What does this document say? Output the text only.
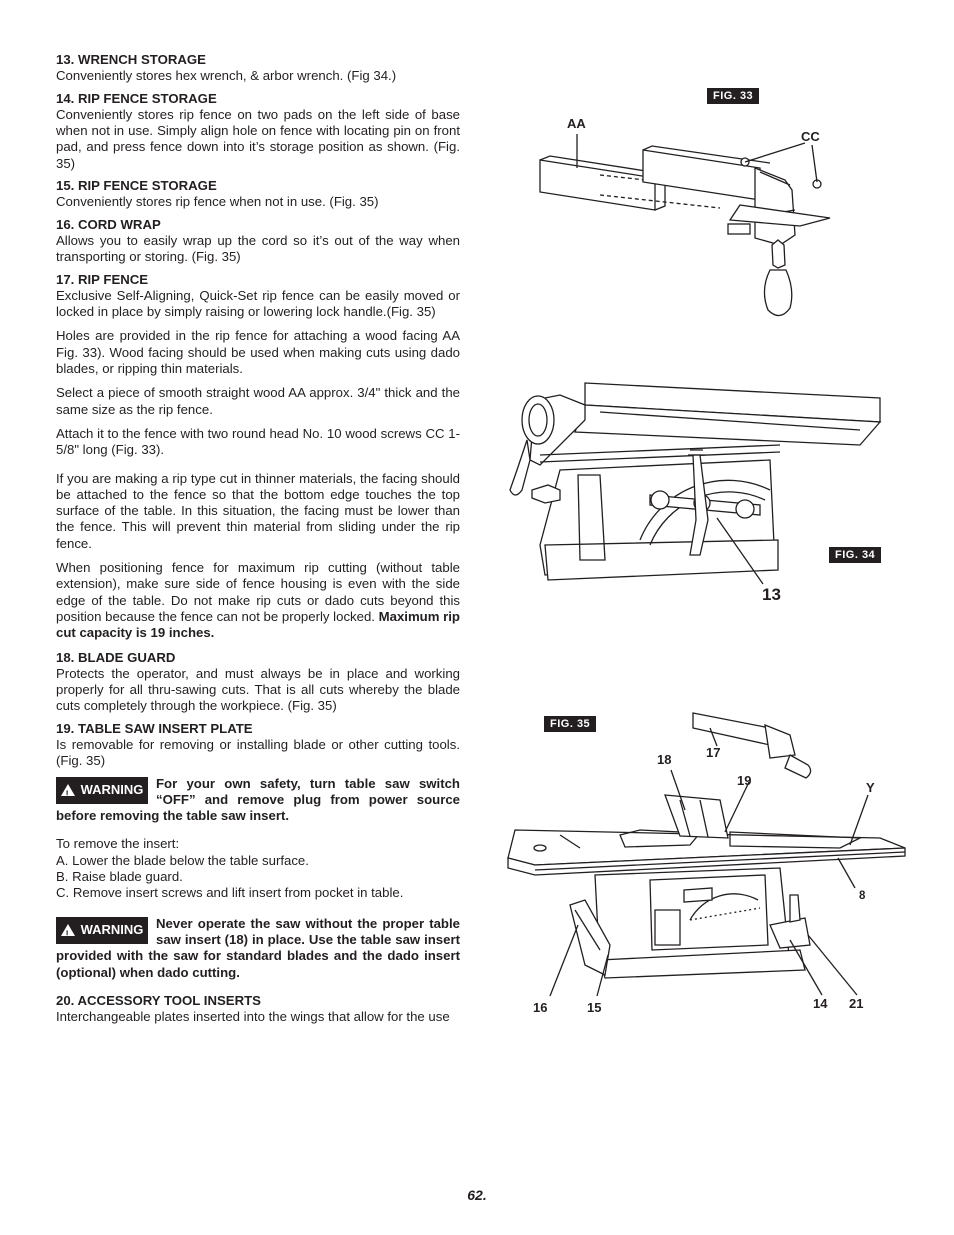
13. WRENCH STORAGE

Conveniently stores hex wrench, & arbor wrench. (Fig 34.)

14. RIP FENCE STORAGE

Conveniently stores rip fence on two pads on the left side of base when not in use. Simply align hole on fence with locating pin on front pad, and press fence down into it’s storage position as shown. (Fig. 35)

15. RIP FENCE STORAGE

Conveniently stores rip fence when not in use. (Fig. 35)

16. CORD WRAP

Allows you to easily wrap up the cord so it’s out of the way when transporting or storing. (Fig. 35)

17. RIP FENCE

Exclusive Self-Aligning, Quick-Set rip fence can be easily moved or locked in place by simply raising or lowering lock handle.(Fig. 35)

Holes are provided in the rip fence for attaching a wood facing AA Fig. 33). Wood facing should be used when making cuts using dado blades, or ripping thin materials.

Select a piece of smooth straight wood AA approx. 3/4" thick and the same size as the rip fence.

Attach it to the fence with two round head No. 10 wood screws CC 1-5/8" long (Fig. 33).

If you are making a rip type cut in thinner materials, the facing should be attached to the fence so that the bottom edge touches the top surface of the table. In this situation, the facing must be lower than the fence. This will prevent thin material from sliding under the rip fence.

When positioning fence for maximum rip cutting (without table extension), make sure side of fence housing is even with the side edge of the table. Do not make rip cuts or dado cuts beyond this position because the fence can not be properly locked. Maximum rip cut capacity is 19 inches.

18. BLADE GUARD

Protects the operator, and must always be in place and working properly for all thru-sawing cuts. That is all cuts whereby the blade cuts completely through the workpiece. (Fig. 35)

19. TABLE SAW INSERT PLATE

Is removable for removing or installing blade or other cutting tools. (Fig. 35)

! WARNING For your own safety, turn table saw switch “OFF” and remove plug from power source before removing the table saw insert.
To remove the insert:
A. Lower the blade below the table surface.
B. Raise blade guard.
C. Remove insert screws and lift insert from pocket in table.
! WARNING Never operate the saw without the proper table saw insert (18) in place. Use the table saw insert provided with the saw for standard blades and the dado insert (optional) when dado cutting.
20. ACCESSORY TOOL INSERTS

Interchangeable plates inserted into the wings that allow for the use

FIG. 33
AA
CC
FIG. 34
13
FIG. 35
18	17
19	Y
8
16	15	14 21
62.
